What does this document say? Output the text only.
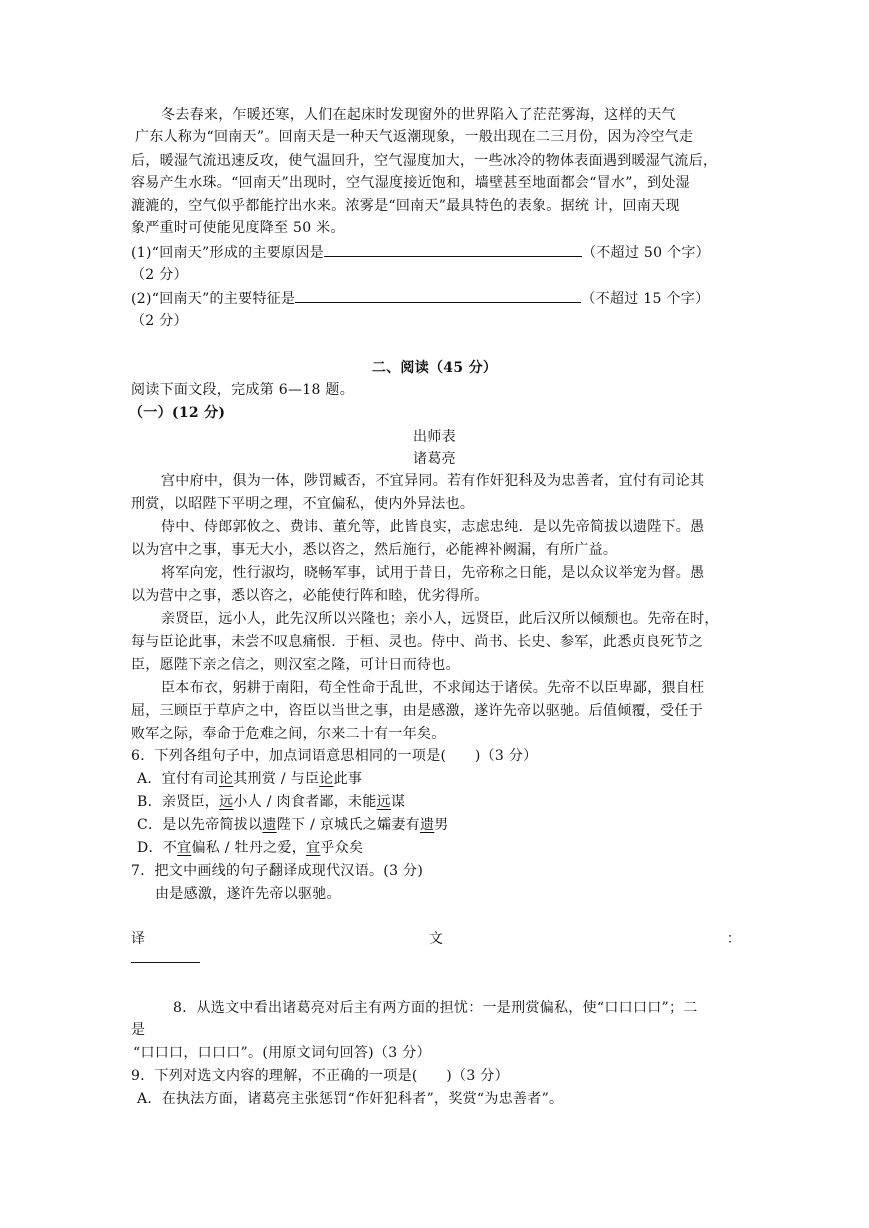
冬去春来，乍暖还寒，人们在起床时发现窗外的世界陷入了茫茫雾海，这样的天气
广东人称为“回南天”。回南天是一种天气返潮现象，一般出现在二三月份，因为冷空气走
后，暖湿气流迅速反攻，使气温回升，空气湿度加大，一些冰冷的物体表面遇到暖湿气流后，
容易产生水珠。“回南天”出现时，空气湿度接近饱和，墙壁甚至地面都会“冒水”，到处湿
漉漉的，空气似乎都能拧出水来。浓雾是“回南天”最具特色的表象。据统 计，回南天现
象严重时可使能见度降至 50 米。
(1)“回南天”形成的主要原因是	（不超过 50 个字）
（2 分）
(2)“回南天”的主要特征是	（不超过 15 个字）
（2 分）
二、阅读（45 分）
阅读下面文段，完成第 6—18 题。
（一）(12 分)
出师表
诸葛亮
宫中府中，俱为一体，陟罚臧否，不宜异同。若有作奸犯科及为忠善者，宜付有司论其
刑赏，以昭陛下平明之理，不宜偏私，使内外异法也。
侍中、侍郎郭攸之、费讳、董允等，此皆良实，志虑忠纯．是以先帝简拔以遗陛下。愚
以为宫中之事，事无大小，悉以咨之，然后施行，必能裨补阙漏，有所广益。
将军向宠，性行淑均，晓畅军事，试用于昔日，先帝称之日能，是以众议举宠为督。愚
以为营中之事，悉以咨之，必能使行阵和睦，优劣得所。
亲贤臣，远小人，此先汉所以兴隆也；亲小人，远贤臣，此后汉所以倾颓也。先帝在时，
每与臣论此事，未尝不叹息痛恨．于桓、灵也。侍中、尚书、长史、参军，此悉贞良死节之
臣，愿陛下亲之信之，则汉室之隆，可计日而待也。
臣本布衣，躬耕于南阳，苟全性命于乱世，不求闻达于诸侯。先帝不以臣卑鄙，猥自枉
屈，三顾臣于草庐之中，咨臣以当世之事，由是感激，遂许先帝以驱驰。后值倾覆，受任于
败军之际，奉命于危难之间，尔来二十有一年矣。
6．下列各组句子中，加点词语意思相同的一项是(　　)（3 分）
A．宜付有司论其刑赏 / 与臣论此事
B．亲贤臣，远小人 / 肉食者鄙，未能远谋
C．是以先帝简拔以遗陛下 / 京城氏之孀妻有遗男
D．不宜偏私 / 牡丹之爱，宜乎众矣
7．把文中画线的句子翻译成现代汉语。(3 分)
由是感激，遂许先帝以驱驰。
译	文	：
8．从选文中看出诸葛亮对后主有两方面的担忧：一是刑赏偏私，使“口口口口”；二
是
“口口口，口口口”。(用原文词句回答)（3 分）
9．下列对选文内容的理解，不正确的一项是(　　)（3 分）
A．在执法方面，诸葛亮主张惩罚“作奸犯科者”，奖赏“为忠善者”。
